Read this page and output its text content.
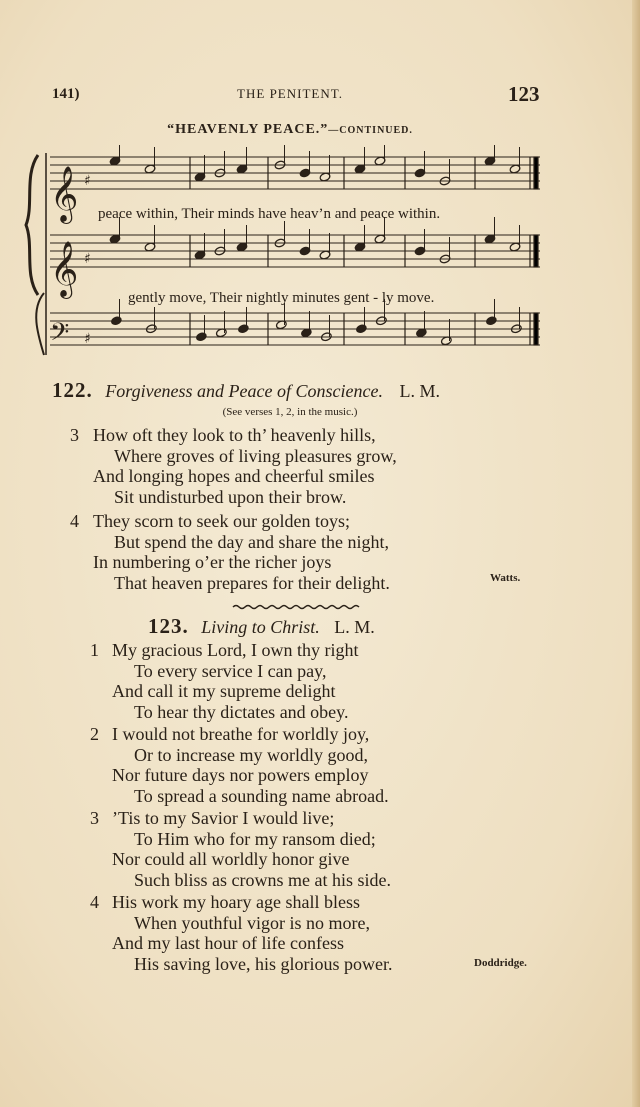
141)	THE PENITENT.	123
“HEAVENLY PEACE.”—CONTINUED.
𝄞
𝄞
𝄢
♯
♯
♯
peace within, Their minds have heav’n and peace within.
gently move, Their nightly minutes gent - ly move.
122. Forgiveness and Peace of Conscience. L. M.
(See verses 1, 2, in the music.)
3 How oft they look to th’ heavenly hills,
Where groves of living pleasures grow,
And longing hopes and cheerful smiles
Sit undisturbed upon their brow.
4 They scorn to seek our golden toys;
But spend the day and share the night,
In numbering o’er the richer joys
That heaven prepares for their delight.	Watts.
123. Living to Christ. L. M.
1 My gracious Lord, I own thy right
To every service I can pay,
And call it my supreme delight
To hear thy dictates and obey.
2 I would not breathe for worldly joy,
Or to increase my worldly good,
Nor future days nor powers employ
To spread a sounding name abroad.
3 ’Tis to my Savior I would live;
To Him who for my ransom died;
Nor could all worldly honor give
Such bliss as crowns me at his side.
4 His work my hoary age shall bless
When youthful vigor is no more,
And my last hour of life confess
His saving love, his glorious power.	Doddridge.
